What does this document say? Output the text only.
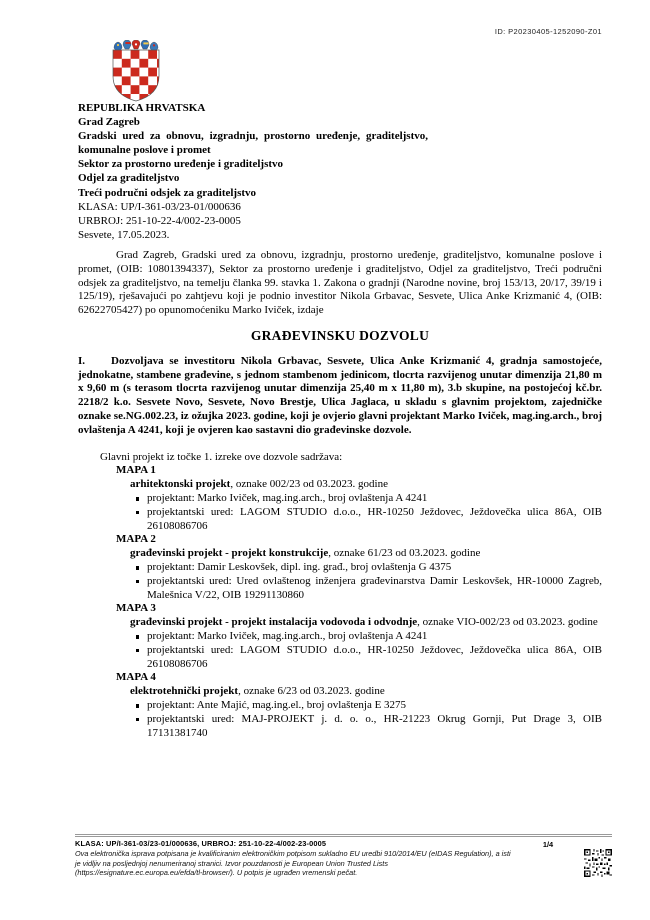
ID: P20230405-1252090-Z01
REPUBLIKA HRVATSKA
Grad Zagreb
Gradski ured za obnovu, izgradnju, prostorno uređenje, graditeljstvo, komunalne poslove i promet
Sektor za prostorno uređenje i graditeljstvo
Odjel za graditeljstvo
Treći područni odsjek za graditeljstvo
KLASA: UP/I-361-03/23-01/000636
URBROJ: 251-10-22-4/002-23-0005
Sesvete, 17.05.2023.

Grad Zagreb, Gradski ured za obnovu, izgradnju, prostorno uređenje, graditeljstvo, komunalne poslove i promet, (OIB: 10801394337), Sektor za prostorno uređenje i graditeljstvo, Odjel za graditeljstvo, Treći područni odsjek za graditeljstvo, na temelju članka 99. stavka 1. Zakona o gradnji (Narodne novine, broj 153/13, 20/17, 39/19 i 125/19), rješavajući po zahtjevu koji je podnio investitor Nikola Grbavac, Sesvete, Ulica Anke Krizmanić 4, (OIB: 62622705427) po opunomoćeniku Marko Iviček, izdaje

GRAĐEVINSKU DOZVOLU

I. Dozvoljava se investitoru Nikola Grbavac, Sesvete, Ulica Anke Krizmanić 4, gradnja samostojeće, jednokatne, stambene građevine, s jednom stambenom jedinicom, tlocrta razvijenog unutar dimenzija 21,80 m x 9,60 m (s terasom tlocrta razvijenog unutar dimenzija 25,40 m x 11,80 m), 3.b skupine, na postojećoj kč.br. 2218/2 k.o. Sesvete Novo, Sesvete, Novo Brestje, Ulica Jaglaca, u skladu s glavnim projektom, zajedničke oznake se.NG.002.23, iz ožujka 2023. godine, koji je ovjerio glavni projektant Marko Iviček, mag.ing.arch., broj ovlaštenja A 4241, koji je ovjeren kao sastavni dio građevinske dozvole.

Glavni projekt iz točke 1. izreke ove dozvole sadržava:
MAPA 1
arhitektonski projekt, oznake 002/23 od 03.2023. godine
projektant: Marko Iviček, mag.ing.arch., broj ovlaštenja A 4241
projektantski ured: LAGOM STUDIO d.o.o., HR-10250 Ježdovec, Ježdovečka ulica 86A, OIB 26108086706
MAPA 2
građevinski projekt - projekt konstrukcije, oznake 61/23 od 03.2023. godine
projektant: Damir Leskovšek, dipl. ing. građ., broj ovlaštenja G 4375
projektantski ured: Ured ovlaštenog inženjera građevinarstva Damir Leskovšek, HR-10000 Zagreb, Malešnica V/22, OIB 19291130860
MAPA 3
građevinski projekt - projekt instalacija vodovoda i odvodnje, oznake VIO-002/23 od 03.2023. godine
projektant: Marko Iviček, mag.ing.arch., broj ovlaštenja A 4241
projektantski ured: LAGOM STUDIO d.o.o., HR-10250 Ježdovec, Ježdovečka ulica 86A, OIB 26108086706
MAPA 4
elektrotehnički projekt, oznake 6/23 od 03.2023. godine
projektant: Ante Majić, mag.ing.el., broj ovlaštenja E 3275
projektantski ured: MAJ-PROJEKT j. d. o. o., HR-21223 Okrug Gornji, Put Drage 3, OIB 17131381740
KLASA: UP/I-361-03/23-01/000636, URBROJ: 251-10-22-4/002-23-0005
Ova elektronička isprava potpisana je kvalificiranim elektroničkim potpisom sukladno EU uredbi 910/2014/EU (eIDAS Regulation), a isti je vidljiv na posljednjoj nenumeriranoj stranici. Izvor pouzdanosti je European Union Trusted Lists (https://esignature.ec.europa.eu/efda/tl-browser/). U potpis je ugrađen vremenski pečat.
1/4
